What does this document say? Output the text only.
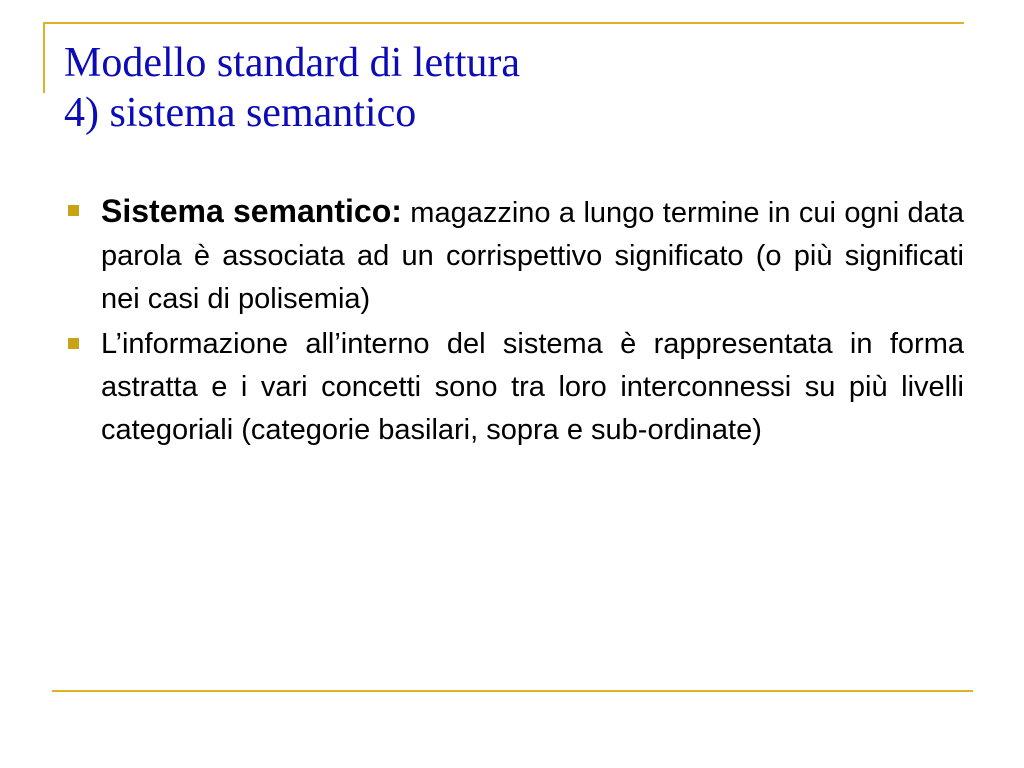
Modello standard di lettura
4) sistema semantico
Sistema semantico: magazzino a lungo termine in cui ogni data parola è associata ad un corrispettivo significato (o più significati nei casi di polisemia)
L’informazione all’interno del sistema è rappresentata in forma astratta e i vari concetti sono tra loro interconnessi su più livelli categoriali (categorie basilari, sopra e sub-ordinate)
